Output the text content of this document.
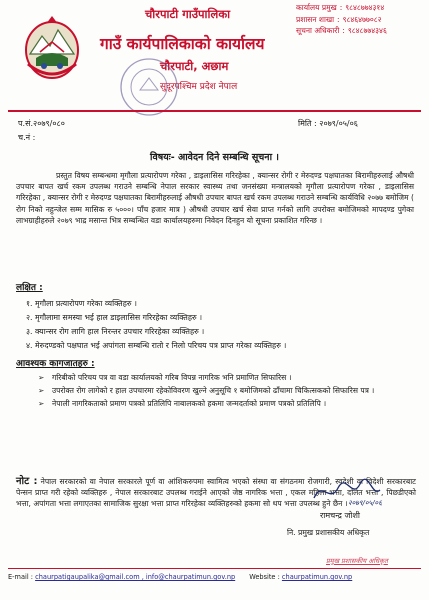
चौरपाटी गाउँपालिका
गाउँ कार्यपालिकाको कार्यालय
चौरपाटी, अछाम
सुदूरपश्चिम प्रदेश नेपाल
कार्यालय प्रमुख : ९८४८७७४३१४
प्रशासन शाखा : ९८४६४७७०८२
सूचना अधिकारी : ९८४८७७४३४६
प.सं.२०७९/०८०	मिति : २०७९/०५/०६
च.नं :
विषयः- आवेदन दिने सम्बन्धि सूचना ।

प्रस्तुत विषय सम्बन्धमा मृगौला प्रत्यारोपण गरेका , डाइलासिस गरिरहेका , क्यान्सर रोगी र मेरुदण्ड पक्षघातका बिरामीहरुलाई औषधी उपचार बापत खर्च रकम उपलब्ध गराउने सम्बन्धि नेपाल सरकार स्वास्थ्य तथा जनसंख्या मन्त्रालयको मृगौला प्रत्यारोपण गरेका , डाइलासिस गरिरहेका , क्यान्सर रोगी र मेरुदण्ड पक्षघातका बिरामीहरुलाई औषधी उपचार बापत खर्च रकम उपलब्ध गराउने सम्बन्धि कार्यविधि २०७७ बमोजिम ( रोग निको नहुन्जेल सम्म मासिक रु ५०००। पाँच हजार मात्र ) औषधी उपचार खर्च सेवा प्राप्त गर्नको लागि उपरोक्त बमोजिमको मापदण्ड पुगेका लाभग्राहीहरुले २०७९ भाद्र मसान्त भित्र सम्बन्धित वडा कार्यालयहरुमा निवेदन दिनहुन यो सूचना प्रकाशित गरिन्छ ।

लक्षित :
१. मृगौला प्रत्यारोपण गरेका व्यक्तिहरु ।
२. मृगौलामा समस्या भई हाल डाइलासिस गरिरहेका व्यक्तिहरु ।
३. क्यान्सर रोग लागि हाल निरन्तर उपचार गरिरहेका व्यक्तिहरु ।
४. मेरुदण्डको पक्षघात भई अपांगता सम्बन्धि रातो र निलो परिचय पत्र प्राप्त गरेका व्यक्तिहरु ।
आवश्यक कागजातहरु :
➢	गरिबीको परिचय पत्र वा वडा कार्यालयको गरिब विपन्न नागरिक भनि प्रमाणित सिफारिस ।
➢	उपरोक्त रोग लागेको र हाल उपचारमा रहेकोविवरण खुल्ने अनुसूचि १ बमोजिमको ढाँचामा चिकित्सकको सिफारिस पत्र ।
➢	नेपाली नागरिकताको प्रमाण पत्रको प्रतिलिपि नाबालकको हकमा जन्मदर्ताको प्रमाण पत्रको प्रतिलिपि ।
नोट : नेपाल सरकारको वा नेपाल सरकारले पूर्ण वा आंशिकरुपमा स्वामित्व भएको संस्था वा संगठनमा रोजगारी, स्वदेशी वा विदेशी सरकारबाट पेन्सन प्राप्त गरी रहेको व्यक्तिहरु , नेपाल सरकारबाट उपलब्ध गराईने आएको जेष्ठ नागरिक भत्ता , एकल महिला भत्ता, दलित भत्ता , पिछडीएको भत्ता, अपांगता भत्ता लगाएतका सामाजिक सुरक्षा भत्ता प्राप्त गरिरहेका व्यक्तिहरुको हकमा सो थप भत्ता उपलब्ध हुने छैन । २०७९/०५/०६
रामचन्द्र जोशी
नि. प्रमुख प्रशासकीय अधिकृत
E-mail : chaurpatigaupalika@gmail.com , info@chaurpatimun.gov.np Website : chaurpatimun.gov.np
प्रमुख प्रशासकीय अधिकृत
